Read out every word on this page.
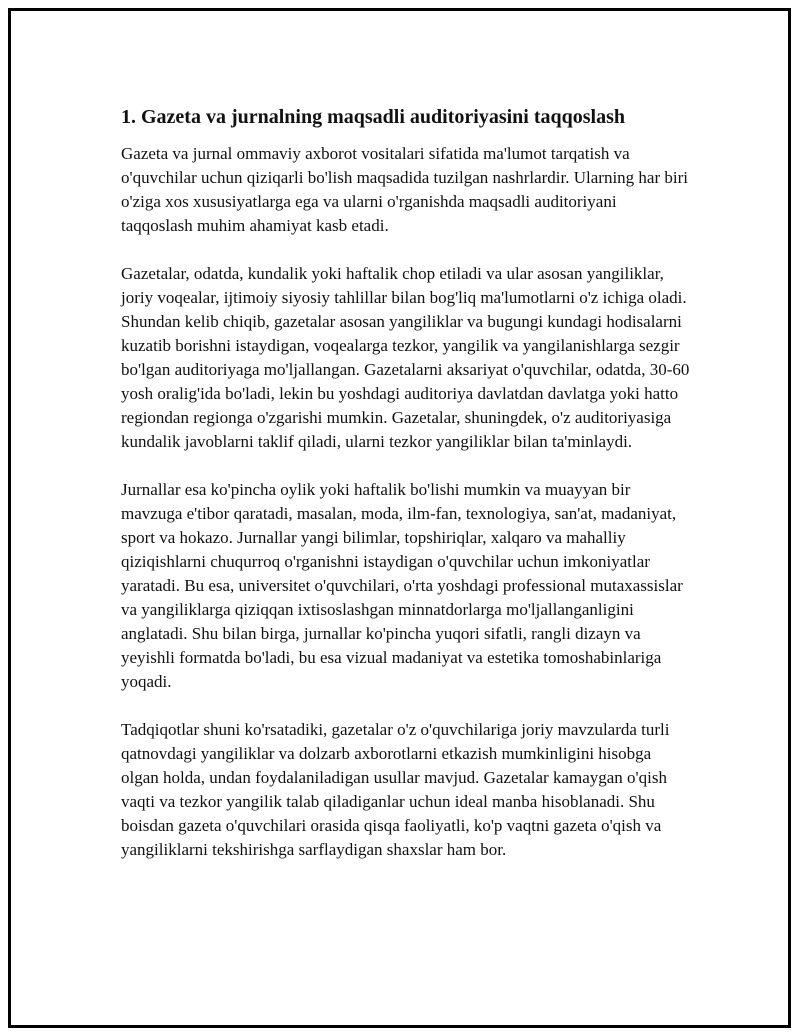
1. Gazeta va jurnalning maqsadli auditoriyasini taqqoslash

Gazeta va jurnal ommaviy axborot vositalari sifatida ma'lumot tarqatish va o'quvchilar uchun qiziqarli bo'lish maqsadida tuzilgan nashrlardir. Ularning har biri o'ziga xos xususiyatlarga ega va ularni o'rganishda maqsadli auditoriyani taqqoslash muhim ahamiyat kasb etadi.

Gazetalar, odatda, kundalik yoki haftalik chop etiladi va ular asosan yangiliklar, joriy voqealar, ijtimoiy siyosiy tahlillar bilan bog'liq ma'lumotlarni o'z ichiga oladi. Shundan kelib chiqib, gazetalar asosan yangiliklar va bugungi kundagi hodisalarni kuzatib borishni istaydigan, voqealarga tezkor, yangilik va yangilanishlarga sezgir bo'lgan auditoriyaga mo'ljallangan. Gazetalarni aksariyat o'quvchilar, odatda, 30-60 yosh oralig'ida bo'ladi, lekin bu yoshdagi auditoriya davlatdan davlatga yoki hatto regiondan regionga o'zgarishi mumkin. Gazetalar, shuningdek, o'z auditoriyasiga kundalik javoblarni taklif qiladi, ularni tezkor yangiliklar bilan ta'minlaydi.

Jurnallar esa ko'pincha oylik yoki haftalik bo'lishi mumkin va muayyan bir mavzuga e'tibor qaratadi, masalan, moda, ilm-fan, texnologiya, san'at, madaniyat, sport va hokazo. Jurnallar yangi bilimlar, topshiriqlar, xalqaro va mahalliy qiziqishlarni chuqurroq o'rganishni istaydigan o'quvchilar uchun imkoniyatlar yaratadi. Bu esa, universitet o'quvchilari, o'rta yoshdagi professional mutaxassislar va yangiliklarga qiziqqan ixtisoslashgan minnatdorlarga mo'ljallanganligini anglatadi. Shu bilan birga, jurnallar ko'pincha yuqori sifatli, rangli dizayn va yeyishli formatda bo'ladi, bu esa vizual madaniyat va estetika tomoshabinlariga yoqadi.

Tadqiqotlar shuni ko'rsatadiki, gazetalar o'z o'quvchilariga joriy mavzularda turli qatnovdagi yangiliklar va dolzarb axborotlarni etkazish mumkinligini hisobga olgan holda, undan foydalaniladigan usullar mavjud. Gazetalar kamaygan o'qish vaqti va tezkor yangilik talab qiladiganlar uchun ideal manba hisoblanadi. Shu boisdan gazeta o'quvchilari orasida qisqa faoliyatli, ko'p vaqtni gazeta o'qish va yangiliklarni tekshirishga sarflaydigan shaxslar ham bor.
